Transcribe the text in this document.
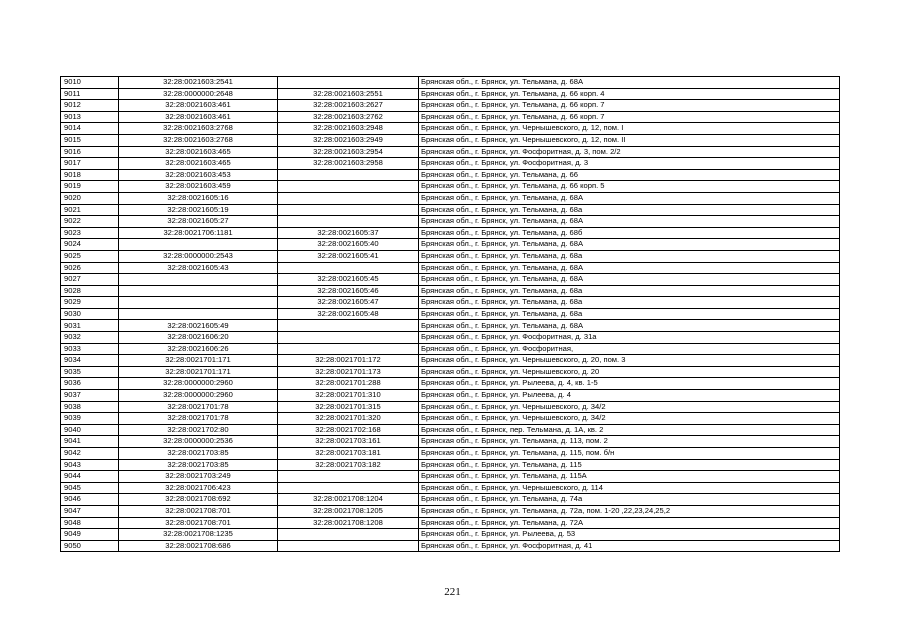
9010	32:28:0021603:2541		Брянская обл., г. Брянск, ул. Тельмана, д. 68А
9011	32:28:0000000:2648	32:28:0021603:2551	Брянская обл., г. Брянск, ул. Тельмана, д. 66 корп. 4
9012	32:28:0021603:461	32:28:0021603:2627	Брянская обл., г. Брянск, ул. Тельмана, д. 66 корп. 7
9013	32:28:0021603:461	32:28:0021603:2762	Брянская обл., г. Брянск, ул. Тельмана, д. 66 корп. 7
9014	32:28:0021603:2768	32:28:0021603:2948	Брянская обл., г. Брянск, ул. Чернышевского, д. 12, пом. I
9015	32:28:0021603:2768	32:28:0021603:2949	Брянская обл., г. Брянск, ул. Чернышевского, д. 12, пом. II
9016	32:28:0021603:465	32:28:0021603:2954	Брянская обл., г. Брянск, ул. Фосфоритная, д. 3, пом. 2/2
9017	32:28:0021603:465	32:28:0021603:2958	Брянская обл., г. Брянск, ул. Фосфоритная, д. 3
9018	32:28:0021603:453		Брянская обл., г. Брянск, ул. Тельмана, д. 66
9019	32:28:0021603:459		Брянская обл., г. Брянск, ул. Тельмана, д. 66 корп. 5
9020	32:28:0021605:16		Брянская обл., г. Брянск, ул. Тельмана, д. 68А
9021	32:28:0021605:19		Брянская обл., г. Брянск, ул. Тельмана, д. 68а
9022	32:28:0021605:27		Брянская обл., г. Брянск, ул. Тельмана, д. 68А
9023	32:28:0021706:1181	32:28:0021605:37	Брянская обл., г. Брянск, ул. Тельмана, д. 68б
9024		32:28:0021605:40	Брянская обл., г. Брянск, ул. Тельмана, д. 68А
9025	32:28:0000000:2543	32:28:0021605:41	Брянская обл., г. Брянск, ул. Тельмана, д. 68а
9026	32:28:0021605:43		Брянская обл., г. Брянск, ул. Тельмана, д. 68А
9027		32:28:0021605:45	Брянская обл., г. Брянск, ул. Тельмана, д. 68А
9028		32:28:0021605:46	Брянская обл., г. Брянск, ул. Тельмана, д. 68а
9029		32:28:0021605:47	Брянская обл., г. Брянск, ул. Тельмана, д. 68а
9030		32:28:0021605:48	Брянская обл., г. Брянск, ул. Тельмана, д. 68а
9031	32:28:0021605:49		Брянская обл., г. Брянск, ул. Тельмана, д. 68А
9032	32:28:0021606:20		Брянская обл., г. Брянск, ул. Фосфоритная, д. 31а
9033	32:28:0021606:26		Брянская обл., г. Брянск, ул. Фосфоритная,
9034	32:28:0021701:171	32:28:0021701:172	Брянская обл., г. Брянск, ул. Чернышевского, д. 20, пом. 3
9035	32:28:0021701:171	32:28:0021701:173	Брянская обл., г. Брянск, ул. Чернышевского, д. 20
9036	32:28:0000000:2960	32:28:0021701:288	Брянская обл., г. Брянск, ул. Рылеева, д. 4, кв. 1-5
9037	32:28:0000000:2960	32:28:0021701:310	Брянская обл., г. Брянск, ул. Рылеева, д. 4
9038	32:28:0021701:78	32:28:0021701:315	Брянская обл., г. Брянск, ул. Чернышевского, д. 34/2
9039	32:28:0021701:78	32:28:0021701:320	Брянская обл., г. Брянск, ул. Чернышевского, д. 34/2
9040	32:28:0021702:80	32:28:0021702:168	Брянская обл., г. Брянск, пер. Тельмана, д. 1А, кв. 2
9041	32:28:0000000:2536	32:28:0021703:161	Брянская обл., г. Брянск, ул. Тельмана, д. 113, пом. 2
9042	32:28:0021703:85	32:28:0021703:181	Брянская обл., г. Брянск, ул. Тельмана, д. 115, пом. б/н
9043	32:28:0021703:85	32:28:0021703:182	Брянская обл., г. Брянск, ул. Тельмана, д. 115
9044	32:28:0021703:249		Брянская обл., г. Брянск, ул. Тельмана, д. 115А
9045	32:28:0021706:423		Брянская обл., г. Брянск, ул. Чернышевского, д. 114
9046	32:28:0021708:692	32:28:0021708:1204	Брянская обл., г. Брянск, ул. Тельмана, д. 74а
9047	32:28:0021708:701	32:28:0021708:1205	Брянская обл., г. Брянск, ул. Тельмана, д. 72а, пом. 1-20 ,22,23,24,25,2
9048	32:28:0021708:701	32:28:0021708:1208	Брянская обл., г. Брянск, ул. Тельмана, д. 72А
9049	32:28:0021708:1235		Брянская обл., г. Брянск, ул. Рылеева, д. 53
9050	32:28:0021708:686		Брянская обл., г. Брянск, ул. Фосфоритная, д. 41
221
